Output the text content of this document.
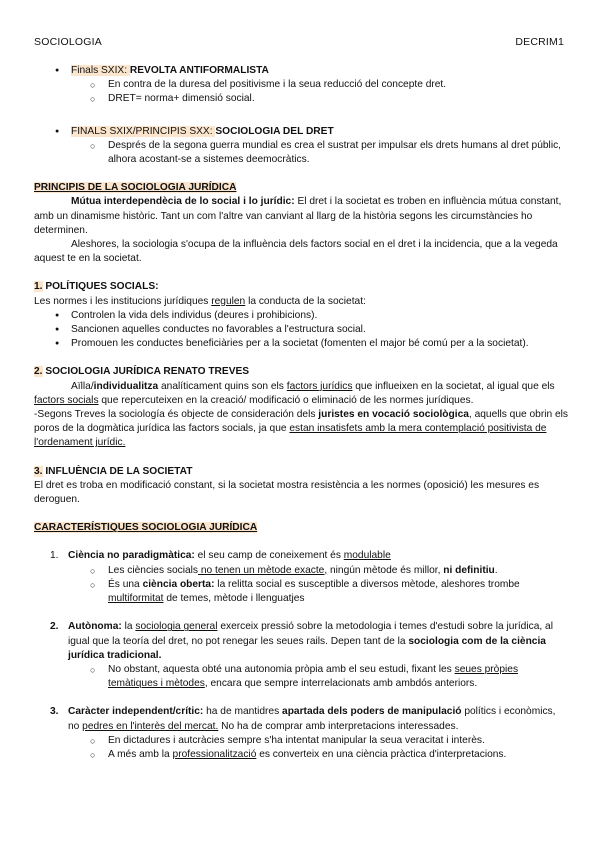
SOCIOLOGIA	DECRIM1
● Finals SXIX: REVOLTA ANTIFORMALISTA
○ En contra de la duresa del positivisme i la seua reducció del concepte dret.
○ DRET= norma+ dimensió social.
● FINALS SXIX/PRINCIPIS SXX: SOCIOLOGIA DEL DRET
○ Després de la segona guerra mundial es crea el sustrat per impulsar els drets humans al dret públic, alhora acostant-se a sistemes deemocràtics.

PRINCIPIS DE LA SOCIOLOGIA JURÍDICA

Mútua interdependècia de lo social i lo jurídic: El dret i la societat es troben en influència mútua constant, amb un dinamisme històric. Tant un com l'altre van canviant al llarg de la història segons les circumstàncies ho determinen.

Aleshores, la sociologia s'ocupa de la influència dels factors social en el dret i la incidencia, que a la vegeda aquest te en la societat.

1. POLÍTIQUES SOCIALS:

Les normes i les institucions jurídiques regulen la conducta de la societat:

● Controlen la vida dels individus (deures i prohibicions).
● Sancionen aquelles conductes no favorables a l'estructura social.
● Promouen les conductes beneficiàries per a la societat (fomenten el major bé comú per a la societat).

2. SOCIOLOGIA JURÍDICA RENATO TREVES

Aïlla/individualitza analíticament quins son els factors jurídics que influeixen en la societat, al igual que els factors socials que repercuteixen en la creació/ modificació o eliminació de les normes jurídiques.

-Segons Treves la sociología és objecte de consideración dels juristes en vocació sociològica, aquells que obrin els poros de la dogmàtica jurídica las factors socials, ja que estan insatisfets amb la mera contemplació positivista de l'ordenament jurídic.

3. INFLUÈNCIA DE LA SOCIETAT

El dret es troba en modificació constant, si la societat mostra resistència a les normes (oposició) les mesures es deroguen.

CARACTERÍSTIQUES SOCIOLOGIA JURÍDICA

1. Ciència no paradigmàtica: el seu camp de coneixement és modulable
○ Les ciències socials no tenen un mètode exacte, ningún mètode és millor, ni definitiu.
○ És una ciència oberta: la relitta social es susceptible a diversos mètode, aleshores trombe multiformitat de temes, mètode i llenguatjes
2. Autònoma: la sociologia general exerceix pressió sobre la metodologia i temes d'estudi sobre la jurídica, al igual que la teoría del dret, no pot renegar les seues rails. Depen tant de la sociologia com de la ciència jurídica tradicional.
○ No obstant, aquesta obté una autonomia pròpia amb el seu estudi, fixant les seues pròpies temàtiques i mètodes, encara que sempre interrelacionats amb ambdós anteriors.
3. Caràcter independent/crític: ha de mantidres apartada dels poders de manipulació polítics i econòmics, no pedres en l'interès del mercat. No ha de comprar amb interpretacions interessades.
○ En dictadures i autcràcies sempre s'ha intentat manipular la seua veracitat i interès.
○ A més amb la professionalització es converteix en una ciència pràctica d'interpretacions.
